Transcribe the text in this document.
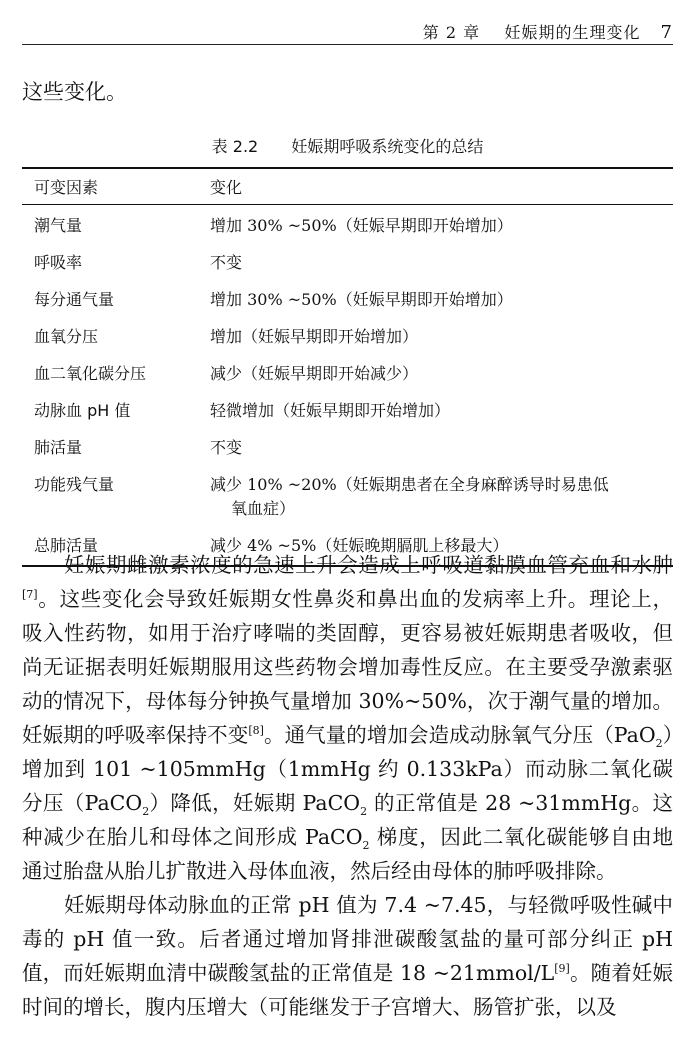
第 2 章 妊娠期的生理变化 7
这些变化。
表 2.2 妊娠期呼吸系统变化的总结
可变因素	变化
潮气量	增加 30% ~50%（妊娠早期即开始增加）
呼吸率	不变
每分通气量	增加 30% ~50%（妊娠早期即开始增加）
血氧分压	增加（妊娠早期即开始增加）
血二氧化碳分压	减少（妊娠早期即开始减少）
动脉血 pH 值	轻微增加（妊娠早期即开始增加）
肺活量	不变
功能残气量	减少 10% ~20%（妊娠期患者在全身麻醉诱导时易患低
氧血症）

总肺活量	减少 4% ~5%（妊娠晚期膈肌上移最大）

妊娠期雌激素浓度的急速上升会造成上呼吸道黏膜血管充血和水肿[7]。这些变化会导致妊娠期女性鼻炎和鼻出血的发病率上升。理论上，吸入性药物，如用于治疗哮喘的类固醇，更容易被妊娠期患者吸收，但尚无证据表明妊娠期服用这些药物会增加毒性反应。在主要受孕激素驱动的情况下，母体每分钟换气量增加 30%~50%，次于潮气量的增加。妊娠期的呼吸率保持不变[8]。通气量的增加会造成动脉氧气分压（PaO$_2$）增加到 101 ~105mmHg（1mmHg 约 0.133kPa）而动脉二氧化碳分压（PaCO$_2$）降低，妊娠期 PaCO$_2$ 的正常值是 28 ~31mmHg。这种减少在胎儿和母体之间形成 PaCO$_2$ 梯度，因此二氧化碳能够自由地通过胎盘从胎儿扩散进入母体血液，然后经由母体的肺呼吸排除。

妊娠期母体动脉血的正常 pH 值为 7.4 ~7.45，与轻微呼吸性碱中毒的 pH 值一致。后者通过增加肾排泄碳酸氢盐的量可部分纠正 pH 值，而妊娠期血清中碳酸氢盐的正常值是 18 ~21mmol/L[9]。随着妊娠时间的增长，腹内压增大（可能继发于子宫增大、肠管扩张，以及
